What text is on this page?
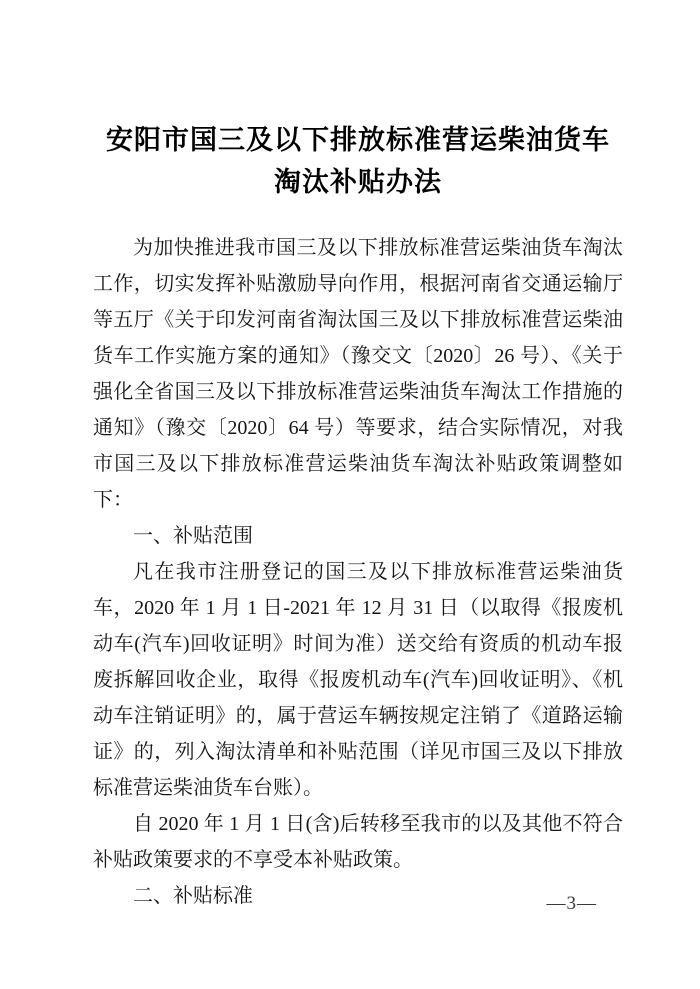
安阳市国三及以下排放标准营运柴油货车
淘汰补贴办法

为加快推进我市国三及以下排放标准营运柴油货车淘汰工作，切实发挥补贴激励导向作用，根据河南省交通运输厅等五厅《关于印发河南省淘汰国三及以下排放标准营运柴油货车工作实施方案的通知》（豫交文〔2020〕26 号）、《关于强化全省国三及以下排放标准营运柴油货车淘汰工作措施的通知》（豫交〔2020〕64 号）等要求，结合实际情况，对我市国三及以下排放标准营运柴油货车淘汰补贴政策调整如下：

一、补贴范围

凡在我市注册登记的国三及以下排放标准营运柴油货车，2020 年 1 月 1 日-2021 年 12 月 31 日（以取得《报废机动车(汽车)回收证明》时间为准）送交给有资质的机动车报废拆解回收企业，取得《报废机动车(汽车)回收证明》、《机动车注销证明》的，属于营运车辆按规定注销了《道路运输证》的，列入淘汰清单和补贴范围（详见市国三及以下排放标准营运柴油货车台账）。

自 2020 年 1 月 1 日(含)后转移至我市的以及其他不符合补贴政策要求的不享受本补贴政策。

二、补贴标准	—3—
